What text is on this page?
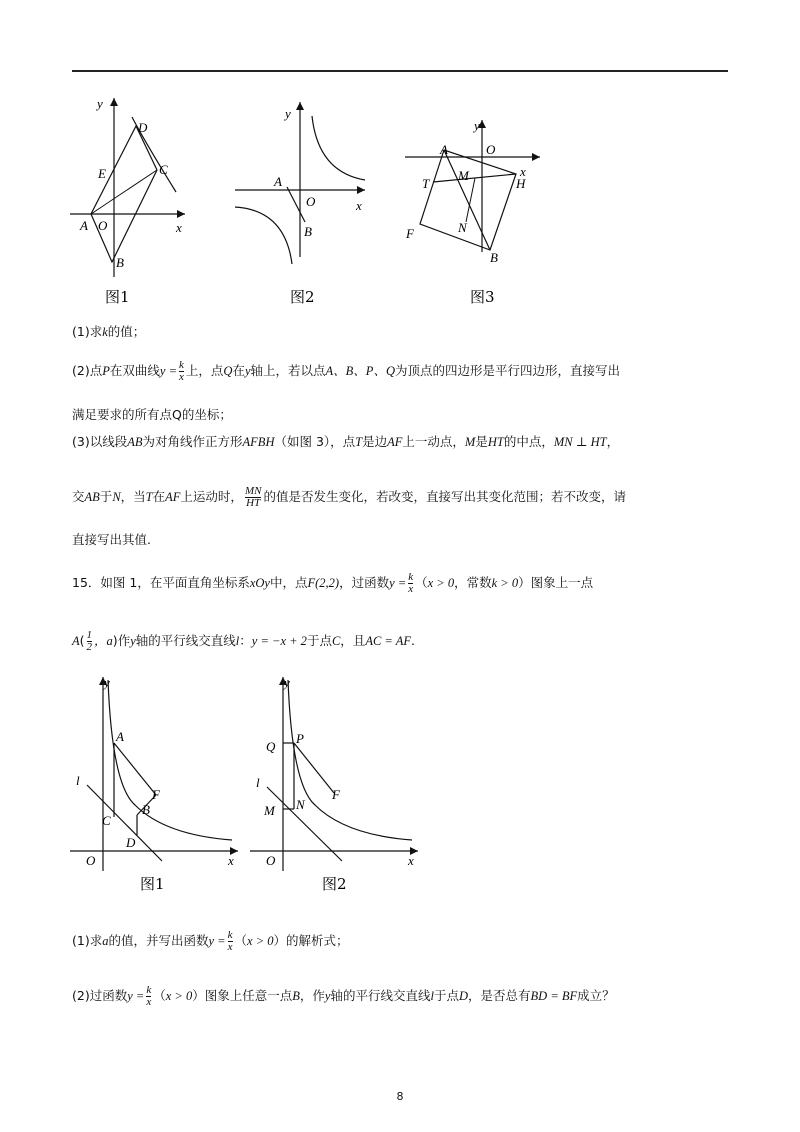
y
x
D
E	C
A O
B
图1
y
x
A
O
B
图2
y
x
A	O
T
M
H
F	N
B
图3
(1)求k的值；
(2)点P在双曲线$y = \frac{k}{x}$ 上，点Q在y轴上，若以点A、B、P、Q为顶点的四边形是平行四边形，直接写出
满足要求的所有点Q的坐标；
(3)以线段AB为对角线作正方形AFBH（如图 3），点T是边AF上一动点，M是HT的中点，MN ⊥ HT，
交AB于N，当T在AF上运动时， $\frac{MN}{HT}$ 的值是否发生变化，若改变，直接写出其变化范围；若不改变，请
直接写出其值.
15．如图 1，在平面直角坐标系xOy中，点F(2,2)，过函数$y = \frac{k}{x} (x > 0$，常数k > 0）图象上一点
$A( \frac{1}{2}$ ，a)作y轴的平行线交直线l：y = −x + 2于点C，且AC = AF.
y
x
l
A
F
B
C
D
O
图1
y
x
l
Q
P
F
M N
O
图2
(1)求a的值，并写出函数$y = \frac{k}{x} (x > 0)$的解析式；
(2)过函数$y = \frac{k}{x} (x > 0)$图象上任意一点B，作y轴的平行线交直线l于点D，是否总有BD = BF成立？
8
